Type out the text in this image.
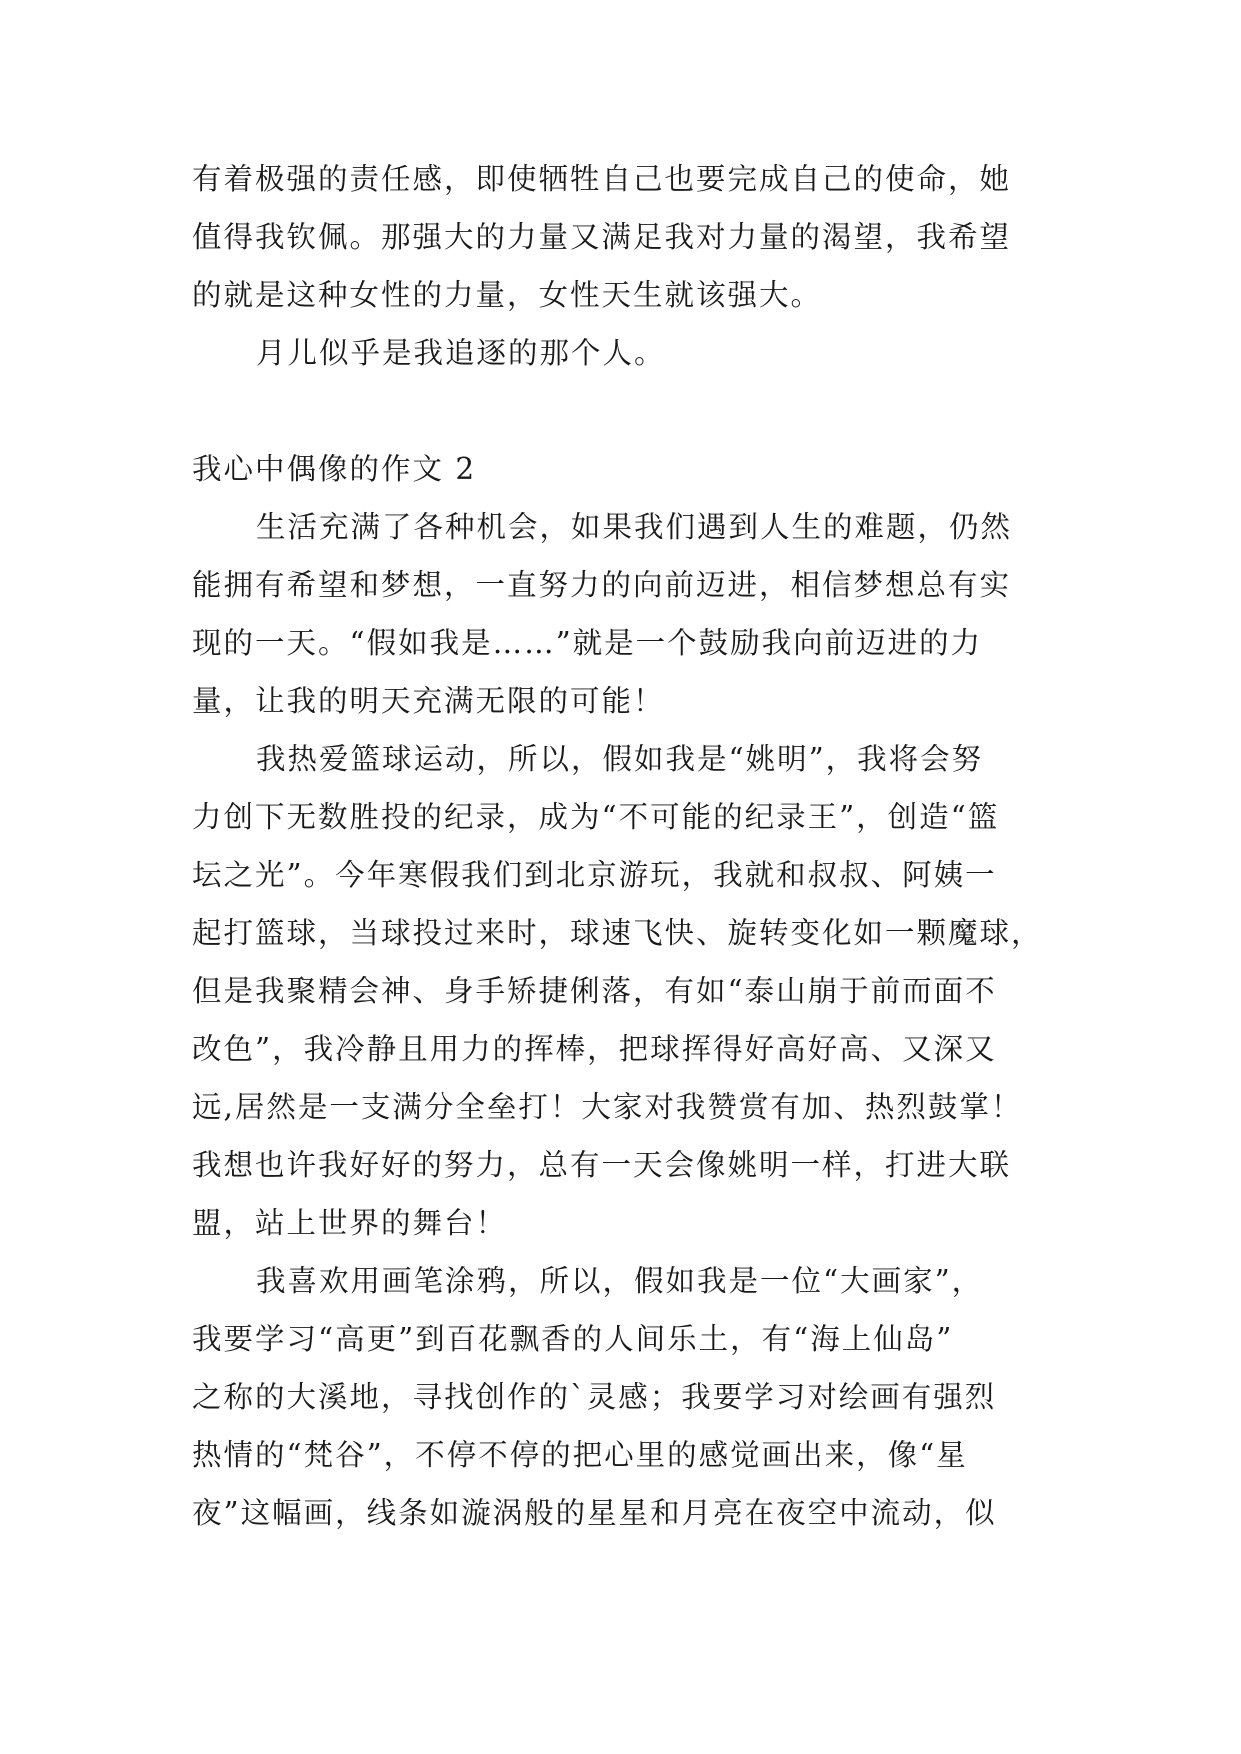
有着极强的责任感，即使牺牲自己也要完成自己的使命，她
值得我钦佩。那强大的力量又满足我对力量的渴望，我希望
的就是这种女性的力量，女性天生就该强大。
月儿似乎是我追逐的那个人。
我心中偶像的作文 2
生活充满了各种机会，如果我们遇到人生的难题，仍然
能拥有希望和梦想，一直努力的向前迈进，相信梦想总有实
现的一天。“假如我是……”就是一个鼓励我向前迈进的力
量，让我的明天充满无限的可能！
我热爱篮球运动，所以，假如我是“姚明”，我将会努
力创下无数胜投的纪录，成为“不可能的纪录王”，创造“篮
坛之光”。今年寒假我们到北京游玩，我就和叔叔、阿姨一
起打篮球，当球投过来时，球速飞快、旋转变化如一颗魔球，
但是我聚精会神、身手矫捷俐落，有如“泰山崩于前而面不
改色”，我冷静且用力的挥棒，把球挥得好高好高、又深又
远,居然是一支满分全垒打！大家对我赞赏有加、热烈鼓掌！
我想也许我好好的努力，总有一天会像姚明一样，打进大联
盟，站上世界的舞台！
我喜欢用画笔涂鸦，所以，假如我是一位“大画家”，
我要学习“高更”到百花飘香的人间乐土，有“海上仙岛”
之称的大溪地，寻找创作的`灵感；我要学习对绘画有强烈
热情的“梵谷”，不停不停的把心里的感觉画出来，像“星
夜”这幅画，线条如漩涡般的星星和月亮在夜空中流动，似
